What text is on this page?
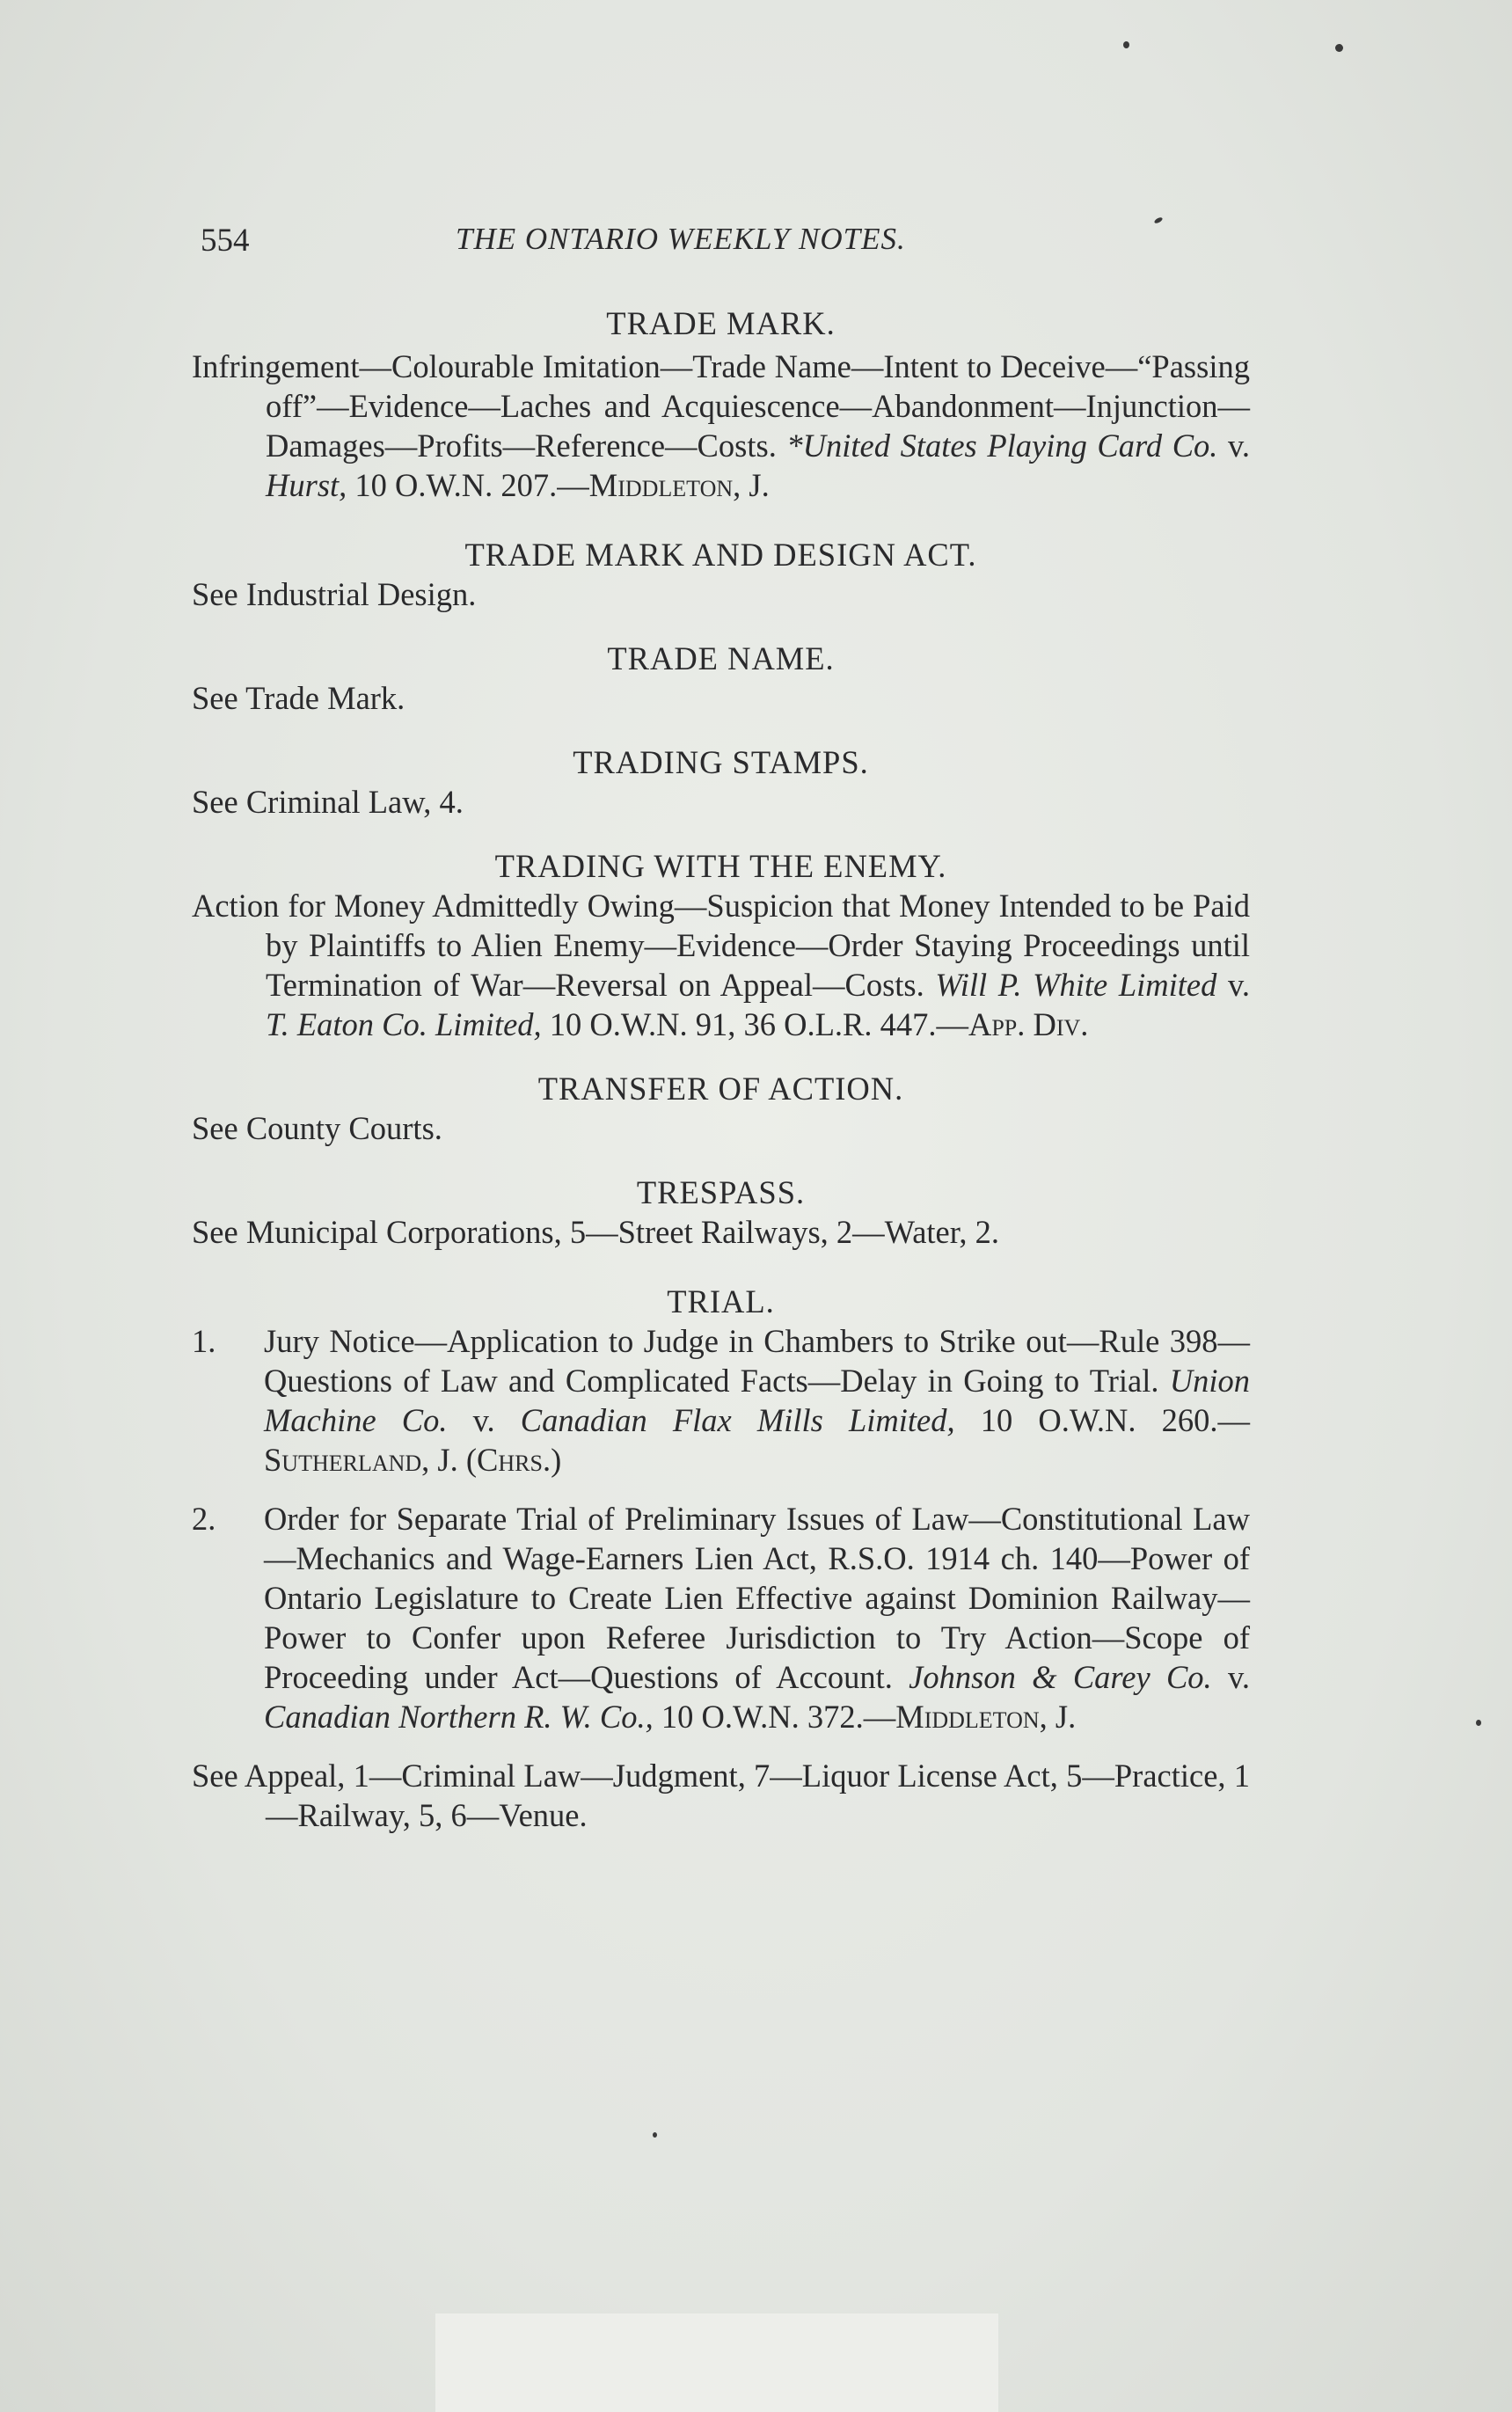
554	THE ONTARIO WEEKLY NOTES.
TRADE MARK.
Infringement—Colourable Imitation—Trade Name—Intent to Deceive—“Passing off”—Evidence—Laches and Acquiescence—Abandonment—Injunction—Damages—Profits—Reference—Costs. *United States Playing Card Co. v. Hurst, 10 O.W.N. 207.—Middleton, J.
TRADE MARK AND DESIGN ACT.
See Industrial Design.
TRADE NAME.
See Trade Mark.
TRADING STAMPS.
See Criminal Law, 4.
TRADING WITH THE ENEMY.
Action for Money Admittedly Owing—Suspicion that Money Intended to be Paid by Plaintiffs to Alien Enemy—Evidence—Order Staying Proceedings until Termination of War—Reversal on Appeal—Costs. Will P. White Limited v. T. Eaton Co. Limited, 10 O.W.N. 91, 36 O.L.R. 447.—App. Div.
TRANSFER OF ACTION.
See County Courts.
TRESPASS.
See Municipal Corporations, 5—Street Railways, 2—Water, 2.
TRIAL.
1.	Jury Notice—Application to Judge in Chambers to Strike out—Rule 398—Questions of Law and Complicated Facts—Delay in Going to Trial. Union Machine Co. v. Canadian Flax Mills Limited, 10 O.W.N. 260.—Sutherland, J. (Chrs.)
2.	Order for Separate Trial of Preliminary Issues of Law—Constitutional Law—Mechanics and Wage-Earners Lien Act, R.S.O. 1914 ch. 140—Power of Ontario Legislature to Create Lien Effective against Dominion Railway—Power to Confer upon Referee Jurisdiction to Try Action—Scope of Proceeding under Act—Questions of Account. Johnson & Carey Co. v. Canadian Northern R. W. Co., 10 O.W.N. 372.—Middleton, J.
See Appeal, 1—Criminal Law—Judgment, 7—Liquor License Act, 5—Practice, 1—Railway, 5, 6—Venue.
